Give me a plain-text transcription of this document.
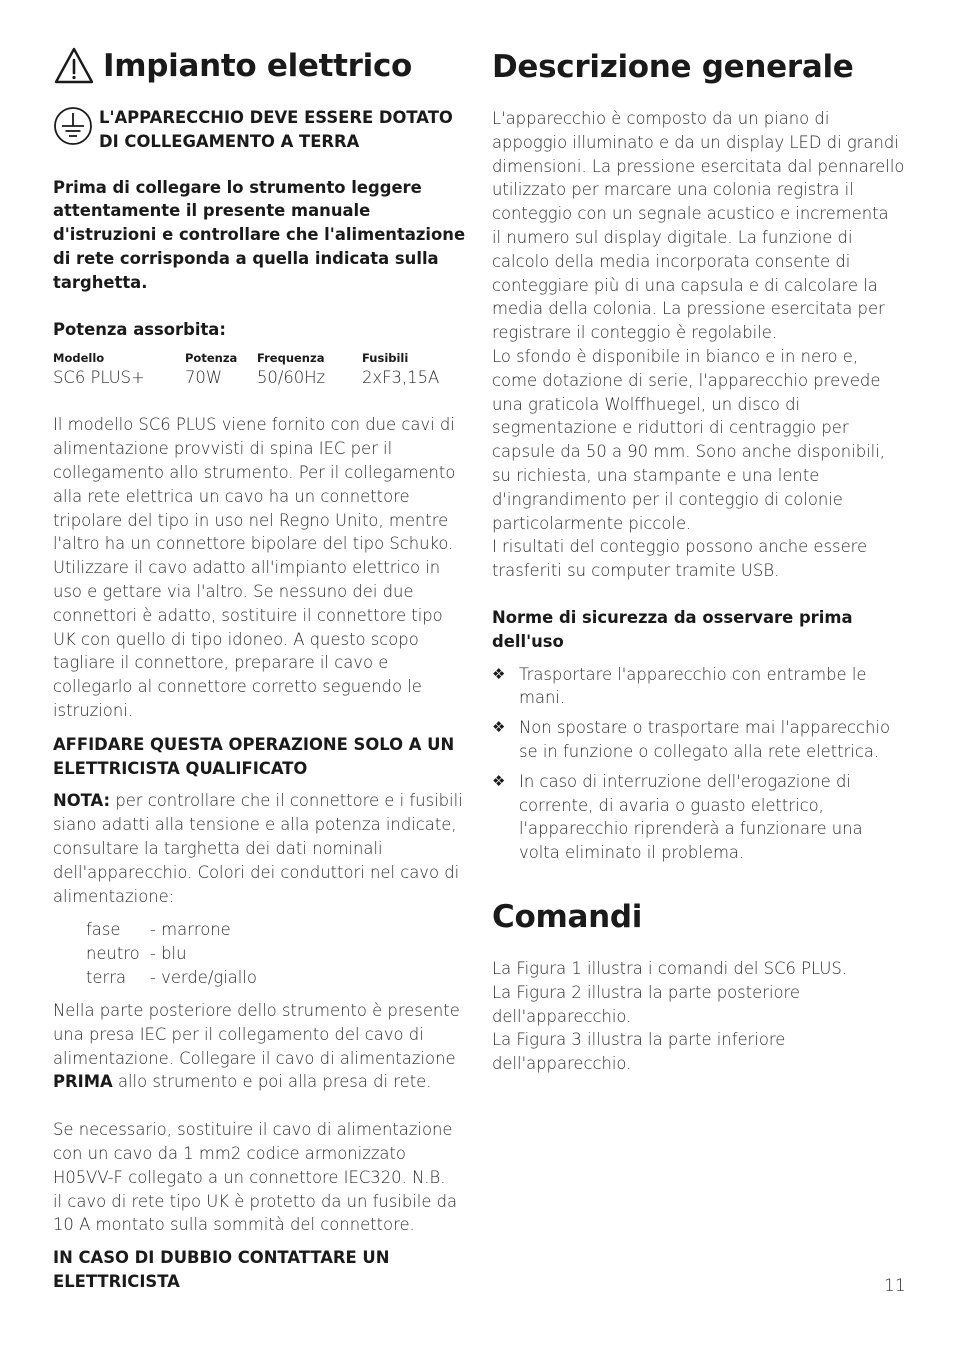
Impianto elettrico
L'APPARECCHIO DEVE ESSERE DOTATO
DI COLLEGAMENTO A TERRA

Prima di collegare lo strumento leggere
attentamente il presente manuale
d'istruzioni e controllare che l'alimentazione
di rete corrisponda a quella indicata sulla
targhetta.

Potenza assorbita:

Modello	Potenza	Frequenza	Fusibili
SC6 PLUS+	70W	50/60Hz	2xF3,15A

Il modello SC6 PLUS viene fornito con due cavi di
alimentazione provvisti di spina IEC per il
collegamento allo strumento. Per il collegamento
alla rete elettrica un cavo ha un connettore
tripolare del tipo in uso nel Regno Unito, mentre
l'altro ha un connettore bipolare del tipo Schuko.
Utilizzare il cavo adatto all'impianto elettrico in
uso e gettare via l'altro. Se nessuno dei due
connettori è adatto, sostituire il connettore tipo
UK con quello di tipo idoneo. A questo scopo
tagliare il connettore, preparare il cavo e
collegarlo al connettore corretto seguendo le
istruzioni.

AFFIDARE QUESTA OPERAZIONE SOLO A UN
ELETTRICISTA QUALIFICATO

NOTA: per controllare che il connettore e i fusibili
siano adatti alla tensione e alla potenza indicate,
consultare la targhetta dei dati nominali
dell'apparecchio. Colori dei conduttori nel cavo di
alimentazione:

fase	- marrone
neutro - blu
terra	- verde/giallo

Nella parte posteriore dello strumento è presente
una presa IEC per il collegamento del cavo di
alimentazione. Collegare il cavo di alimentazione
PRIMA allo strumento e poi alla presa di rete.

Se necessario, sostituire il cavo di alimentazione
con un cavo da 1 mm2 codice armonizzato
H05VV-F collegato a un connettore IEC320. N.B.
il cavo di rete tipo UK è protetto da un fusibile da
10 A montato sulla sommità del connettore.

IN CASO DI DUBBIO CONTATTARE UN
ELETTRICISTA

Descrizione generale

L'apparecchio è composto da un piano di
appoggio illuminato e da un display LED di grandi
dimensioni. La pressione esercitata dal pennarello
utilizzato per marcare una colonia registra il
conteggio con un segnale acustico e incrementa
il numero sul display digitale. La funzione di
calcolo della media incorporata consente di
conteggiare più di una capsula e di calcolare la
media della colonia. La pressione esercitata per
registrare il conteggio è regolabile.
Lo sfondo è disponibile in bianco e in nero e,
come dotazione di serie, l'apparecchio prevede
una graticola Wolffhuegel, un disco di
segmentazione e riduttori di centraggio per
capsule da 50 a 90 mm. Sono anche disponibili,
su richiesta, una stampante e una lente
d'ingrandimento per il conteggio di colonie
particolarmente piccole.
I risultati del conteggio possono anche essere
trasferiti su computer tramite USB.

Norme di sicurezza da osservare prima
dell'uso

❖ Trasportare l'apparecchio con entrambe le
mani.
❖ Non spostare o trasportare mai l'apparecchio
se in funzione o collegato alla rete elettrica.
❖ In caso di interruzione dell'erogazione di
corrente, di avaria o guasto elettrico,
l'apparecchio riprenderà a funzionare una
volta eliminato il problema.
Comandi

La Figura 1 illustra i comandi del SC6 PLUS.
La Figura 2 illustra la parte posteriore
dell'apparecchio.
La Figura 3 illustra la parte inferiore
dell'apparecchio.

11
